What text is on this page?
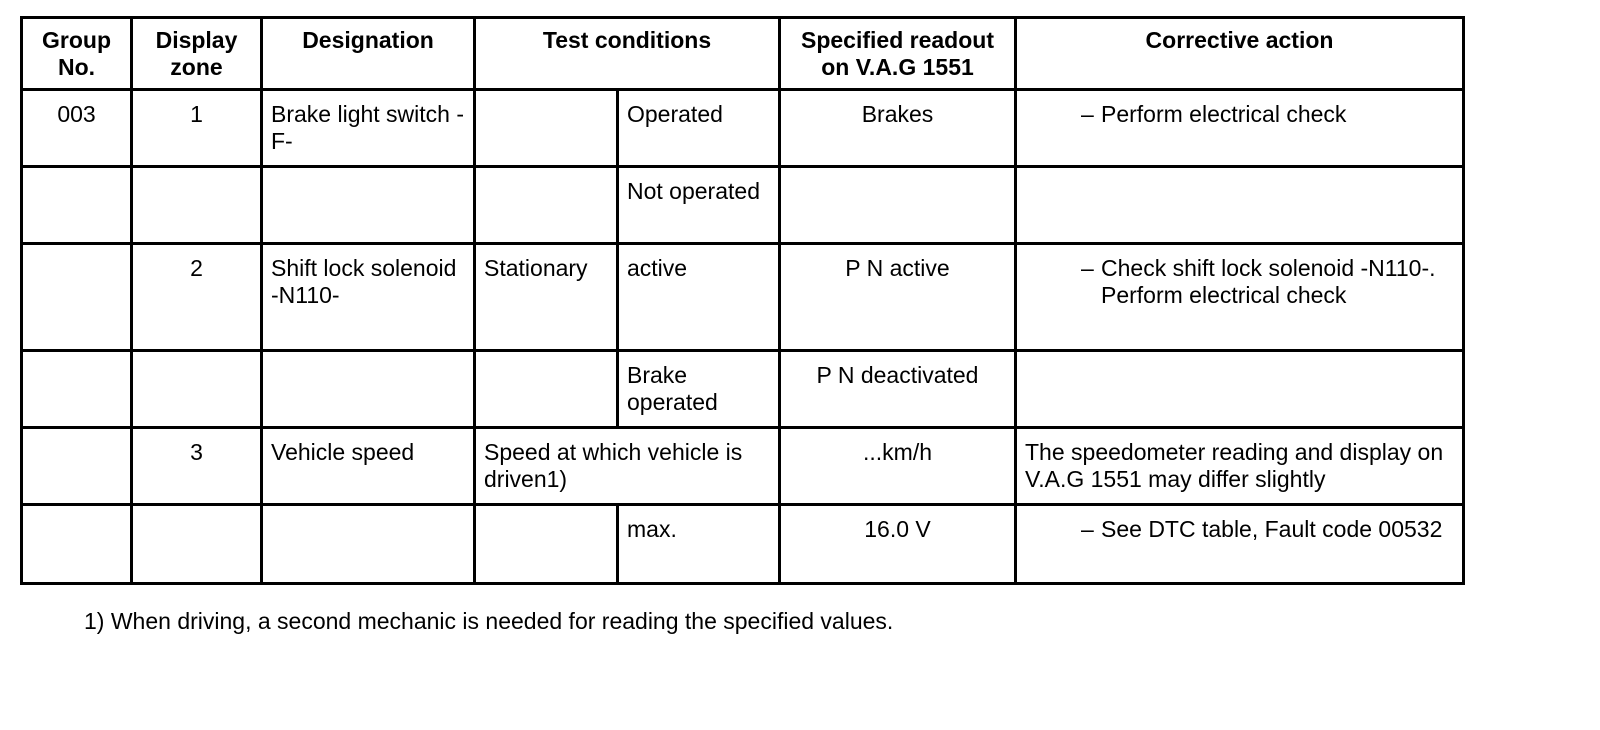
Group No.	Display zone	Designation	Test conditions		Specified readout on V.A.G 1551	Corrective action
003	1	Brake light switch -F-		Operated	Brakes	– Perform electrical check

				Not operated		
	2	Shift lock solenoid -N110-	Stationary	active	P N active	– Check shift lock solenoid -N110-. Perform electrical check

				Brake operated	P N deactivated	
	3	Vehicle speed	Speed at which vehicle is driven1)		...km/h	The speedometer reading and display on V.A.G 1551 may differ slightly
				max.	16.0 V	– See DTC table, Fault code 00532
1) When driving, a second mechanic is needed for reading the specified values.
